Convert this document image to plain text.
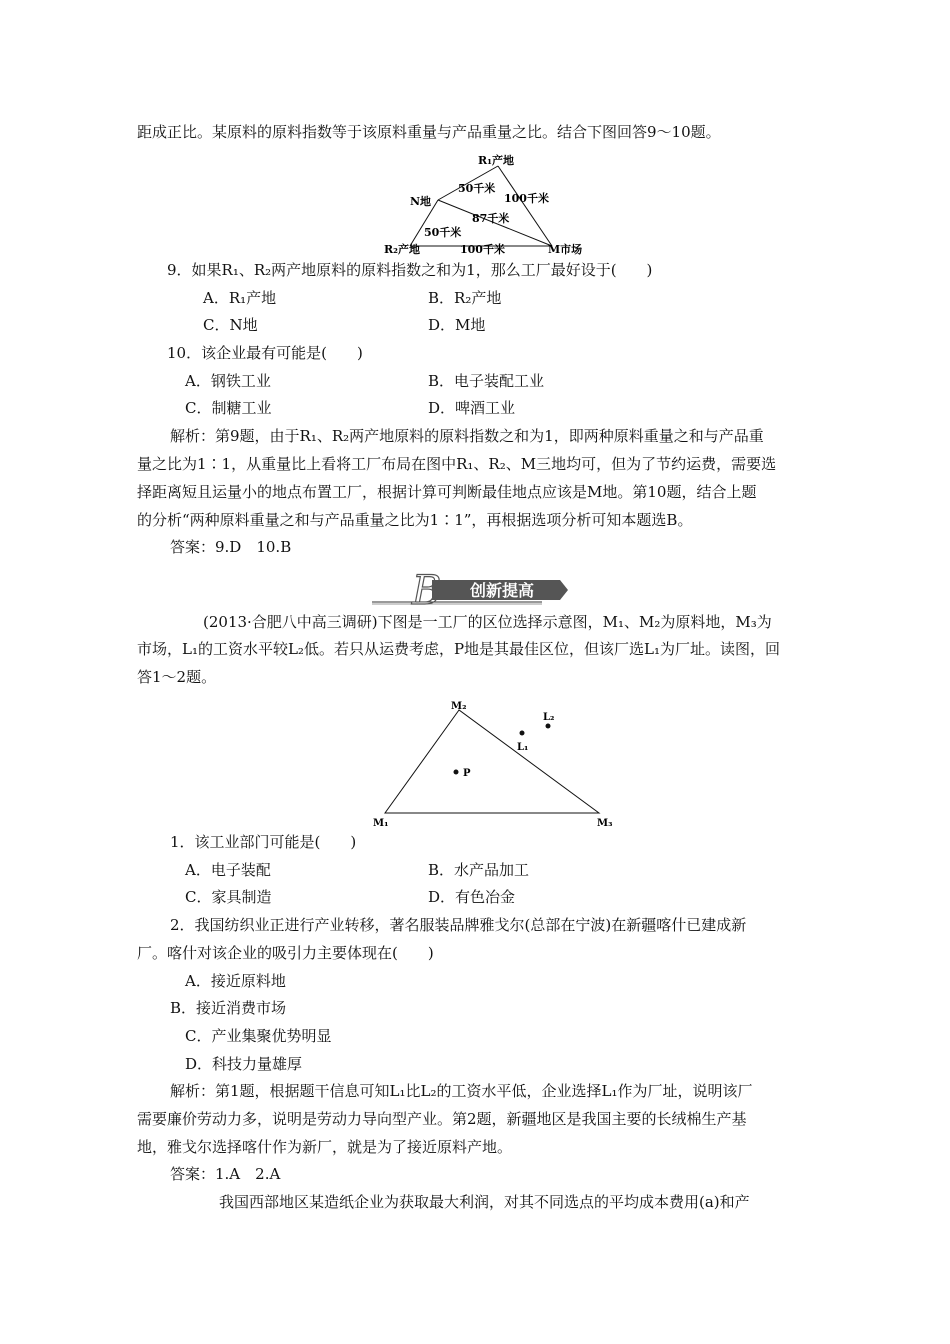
距成正比。某原料的原料指数等于该原料重量与产品重量之比。结合下图回答9～10题。
R₁产地
N地
R₂产地	M市场
50千米
100千米
87千米
50千米
100千米
9．如果R₁、R₂两产地原料的原料指数之和为1，那么工厂最好设于(　　)
A．R₁产地	B．R₂产地
C．N地	D．M地
10．该企业最有可能是(　　)
A．钢铁工业	B．电子装配工业
C．制糖工业	D．啤酒工业
解析：第9题，由于R₁、R₂两产地原料的原料指数之和为1，即两种原料重量之和与产品重
量之比为1∶1，从重量比上看将工厂布局在图中R₁、R₂、M三地均可，但为了节约运费，需要选
择距离短且运量小的地点布置工厂，根据计算可判断最佳地点应该是M地。第10题，结合上题
的分析“两种原料重量之和与产品重量之比为1∶1”，再根据选项分析可知本题选B。
答案：9.D　10.B
B 创新提高
(2013·合肥八中高三调研)下图是一工厂的区位选择示意图，M₁、M₂为原料地，M₃为
市场，L₁的工资水平较L₂低。若只从运费考虑，P地是其最佳区位，但该厂选L₁为厂址。读图，回
答1～2题。
M₂
M₁	M₃
L₁
L₂
P
1．该工业部门可能是(　　)
A．电子装配	B．水产品加工
C．家具制造	D．有色冶金
2．我国纺织业正进行产业转移，著名服装品牌雅戈尔(总部在宁波)在新疆喀什已建成新
厂。喀什对该企业的吸引力主要体现在(　　)
A．接近原料地
B．接近消费市场
C．产业集聚优势明显
D．科技力量雄厚
解析：第1题，根据题干信息可知L₁比L₂的工资水平低，企业选择L₁作为厂址，说明该厂
需要廉价劳动力多，说明是劳动力导向型产业。第2题，新疆地区是我国主要的长绒棉生产基
地，雅戈尔选择喀什作为新厂，就是为了接近原料产地。
答案：1.A　2.A
我国西部地区某造纸企业为获取最大利润，对其不同选点的平均成本费用(a)和产
